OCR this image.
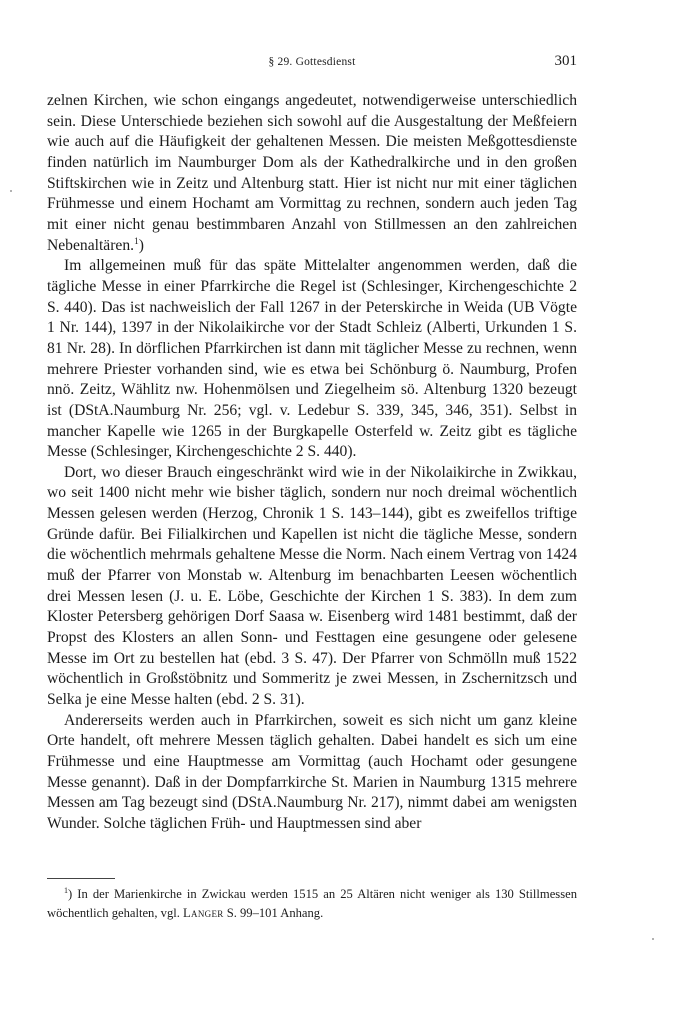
§ 29. Gottesdienst	301

zelnen Kirchen, wie schon eingangs angedeutet, notwendigerweise unterschiedlich sein. Diese Unterschiede beziehen sich sowohl auf die Ausgestaltung der Meßfeiern wie auch auf die Häufigkeit der gehaltenen Messen. Die meisten Meßgottesdienste finden natürlich im Naumburger Dom als der Kathedralkirche und in den großen Stiftskirchen wie in Zeitz und Altenburg statt. Hier ist nicht nur mit einer täglichen Frühmesse und einem Hochamt am Vormittag zu rechnen, sondern auch jeden Tag mit einer nicht genau bestimmbaren Anzahl von Stillmessen an den zahlreichen Nebenaltären.$^1$)

Im allgemeinen muß für das späte Mittelalter angenommen werden, daß die tägliche Messe in einer Pfarrkirche die Regel ist (Schlesinger, Kirchengeschichte 2 S. 440). Das ist nachweislich der Fall 1267 in der Peterskirche in Weida (UB Vögte 1 Nr. 144), 1397 in der Nikolaikirche vor der Stadt Schleiz (Alberti, Urkunden 1 S. 81 Nr. 28). In dörflichen Pfarrkirchen ist dann mit täglicher Messe zu rechnen, wenn mehrere Priester vorhanden sind, wie es etwa bei Schönburg ö. Naumburg, Profen nnö. Zeitz, Wählitz nw. Hohenmölsen und Ziegelheim sö. Altenburg 1320 bezeugt ist (DStA.Naumburg Nr. 256; vgl. v. Ledebur S. 339, 345, 346, 351). Selbst in mancher Kapelle wie 1265 in der Burgkapelle Osterfeld w. Zeitz gibt es tägliche Messe (Schlesinger, Kirchengeschichte 2 S. 440).

Dort, wo dieser Brauch eingeschränkt wird wie in der Nikolaikirche in Zwikkau, wo seit 1400 nicht mehr wie bisher täglich, sondern nur noch dreimal wöchentlich Messen gelesen werden (Herzog, Chronik 1 S. 143–144), gibt es zweifellos triftige Gründe dafür. Bei Filialkirchen und Kapellen ist nicht die tägliche Messe, sondern die wöchentlich mehrmals gehaltene Messe die Norm. Nach einem Vertrag von 1424 muß der Pfarrer von Monstab w. Altenburg im benachbarten Leesen wöchentlich drei Messen lesen (J. u. E. Löbe, Geschichte der Kirchen 1 S. 383). In dem zum Kloster Petersberg gehörigen Dorf Saasa w. Eisenberg wird 1481 bestimmt, daß der Propst des Klosters an allen Sonn- und Festtagen eine gesungene oder gelesene Messe im Ort zu bestellen hat (ebd. 3 S. 47). Der Pfarrer von Schmölln muß 1522 wöchentlich in Großstöbnitz und Sommeritz je zwei Messen, in Zschernitzsch und Selka je eine Messe halten (ebd. 2 S. 31).

Andererseits werden auch in Pfarrkirchen, soweit es sich nicht um ganz kleine Orte handelt, oft mehrere Messen täglich gehalten. Dabei handelt es sich um eine Frühmesse und eine Hauptmesse am Vormittag (auch Hochamt oder gesungene Messe genannt). Daß in der Dompfarrkirche St. Marien in Naumburg 1315 mehrere Messen am Tag bezeugt sind (DStA.Naumburg Nr. 217), nimmt dabei am wenigsten Wunder. Solche täglichen Früh- und Hauptmessen sind aber

$^1$) In der Marienkirche in Zwickau werden 1515 an 25 Altären nicht weniger als 130 Stillmessen wöchentlich gehalten, vgl. Langer S. 99–101 Anhang.
